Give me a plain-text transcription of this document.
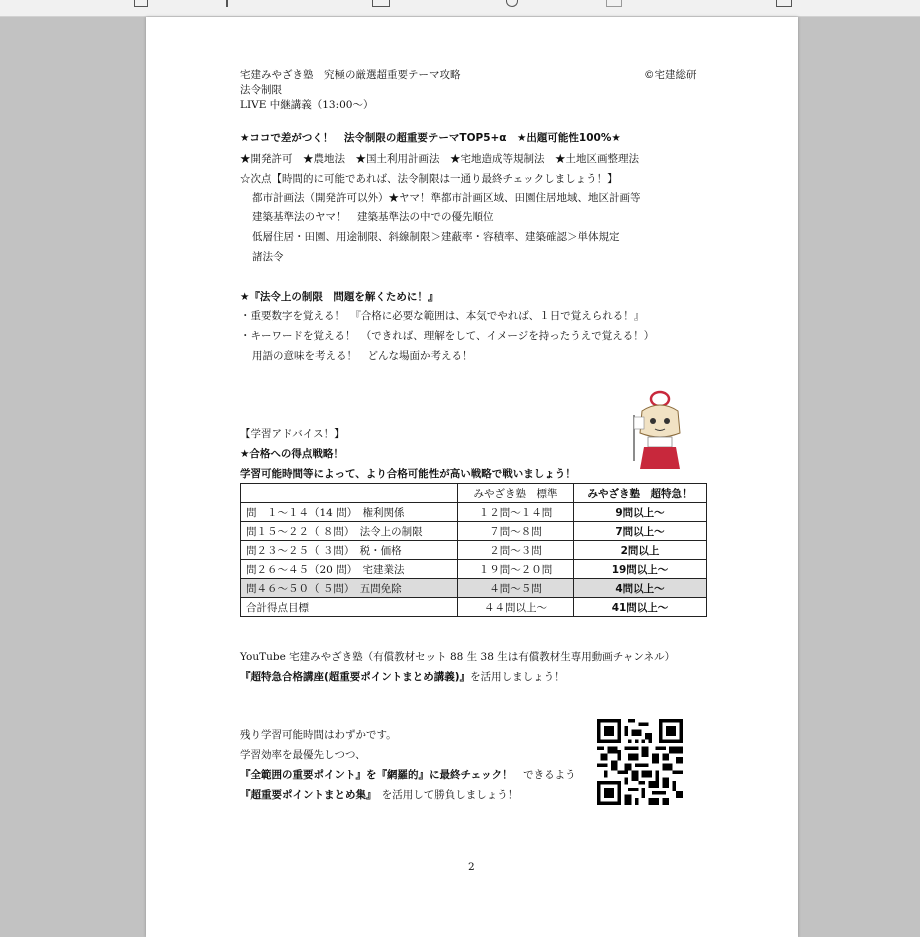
宅建みやざき塾　究極の厳選超重要テーマ攻略	©宅建総研
法令制限
LIVE 中継講義（13:00〜）
★ココで差がつく！　法令制限の超重要テーマTOP5+α　★出題可能性100%★
★開発許可　★農地法　★国土利用計画法　★宅地造成等規制法　★土地区画整理法
☆次点【時間的に可能であれば、法令制限は一通り最終チェックしましょう！】
都市計画法（開発許可以外）★ヤマ！準都市計画区域、田園住居地域、地区計画等
建築基準法のヤマ！　建築基準法の中での優先順位
低層住居・田園、用途制限、斜線制限＞建蔽率・容積率、建築確認＞単体規定
諸法令
★『法令上の制限　問題を解くために！』
・重要数字を覚える！　『合格に必要な範囲は、本気でやれば、１日で覚えられる！』
・キーワードを覚える！　（できれば、理解をして、イメージを持ったうえで覚える！）
用語の意味を考える！　どんな場面か考える！
【学習アドバイス！】
★合格への得点戦略！
学習可能時間等によって、より合格可能性が高い戦略で戦いましょう！
	みやざき塾　標準	みやざき塾　超特急！
問　１〜１４（14 問）　権利関係	１２問〜１４問	9問以上〜
問１５〜２２（ ８問）　法令上の制限	７問〜８問	7問以上〜
問２３〜２５（ ３問）　税・価格	２問〜３問	2問以上
問２６〜４５（20 問）　宅建業法	１９問〜２０問	19問以上〜
問４６〜５０（ ５問）　五問免除	４問〜５問	4問以上〜
合計得点目標	４４問以上〜	41問以上〜
YouTube 宅建みやざき塾（有償教材セット 88 生 38 生は有償教材生専用動画チャンネル）
『超特急合格講座(超重要ポイントまとめ講義)』を活用しましょう！
残り学習可能時間はわずかです。
学習効率を最優先しつつ、
『全範囲の重要ポイント』を『網羅的』に最終チェック！　できるよう
『超重要ポイントまとめ集』　を活用して勝負しましょう！
2
